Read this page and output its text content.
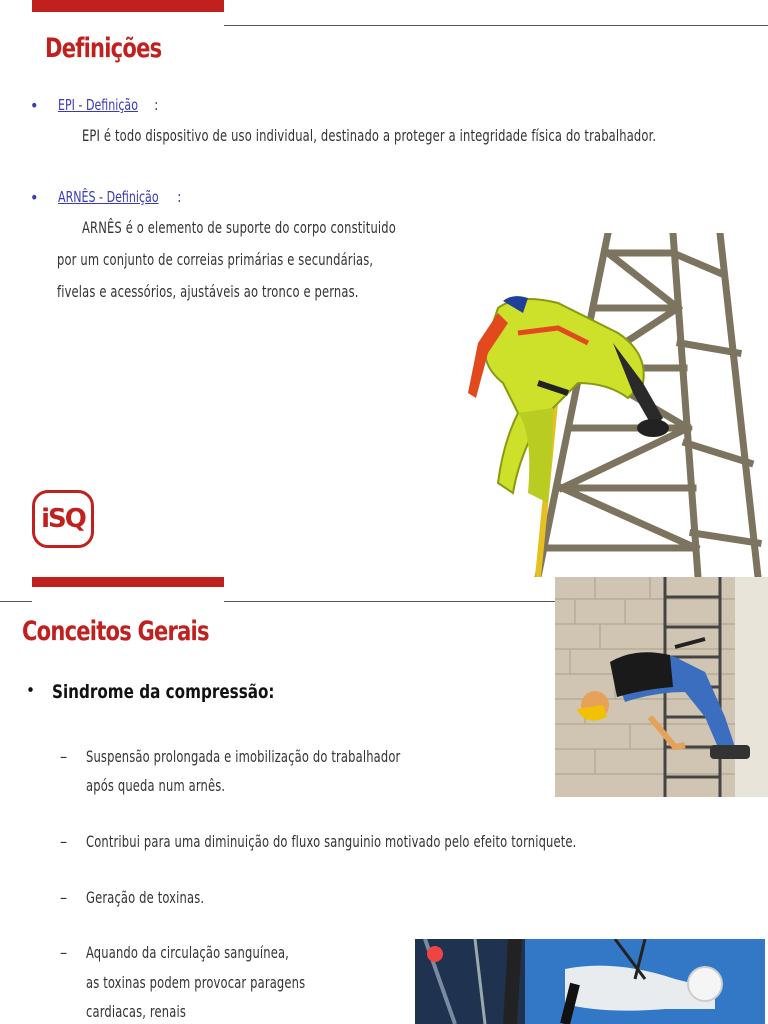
Definições
• EPI - Definição :
EPI é todo dispositivo de uso individual, destinado a proteger a integridade física do trabalhador.
• ARNÊS - Definição :
ARNÊS é o elemento de suporte do corpo constituido
por um conjunto de correias primárias e secundárias,
fivelas e acessórios, ajustáveis ao tronco e pernas.
iSQ
Conceitos Gerais
• Sindrome da compressão:
– Suspensão prolongada e imobilização do trabalhador
após queda num arnês.
– Contribui para uma diminuição do fluxo sanguinio motivado pelo efeito torniquete.
– Geração de toxinas.
– Aquando da circulação sanguínea,
as toxinas podem provocar paragens
cardiacas, renais
